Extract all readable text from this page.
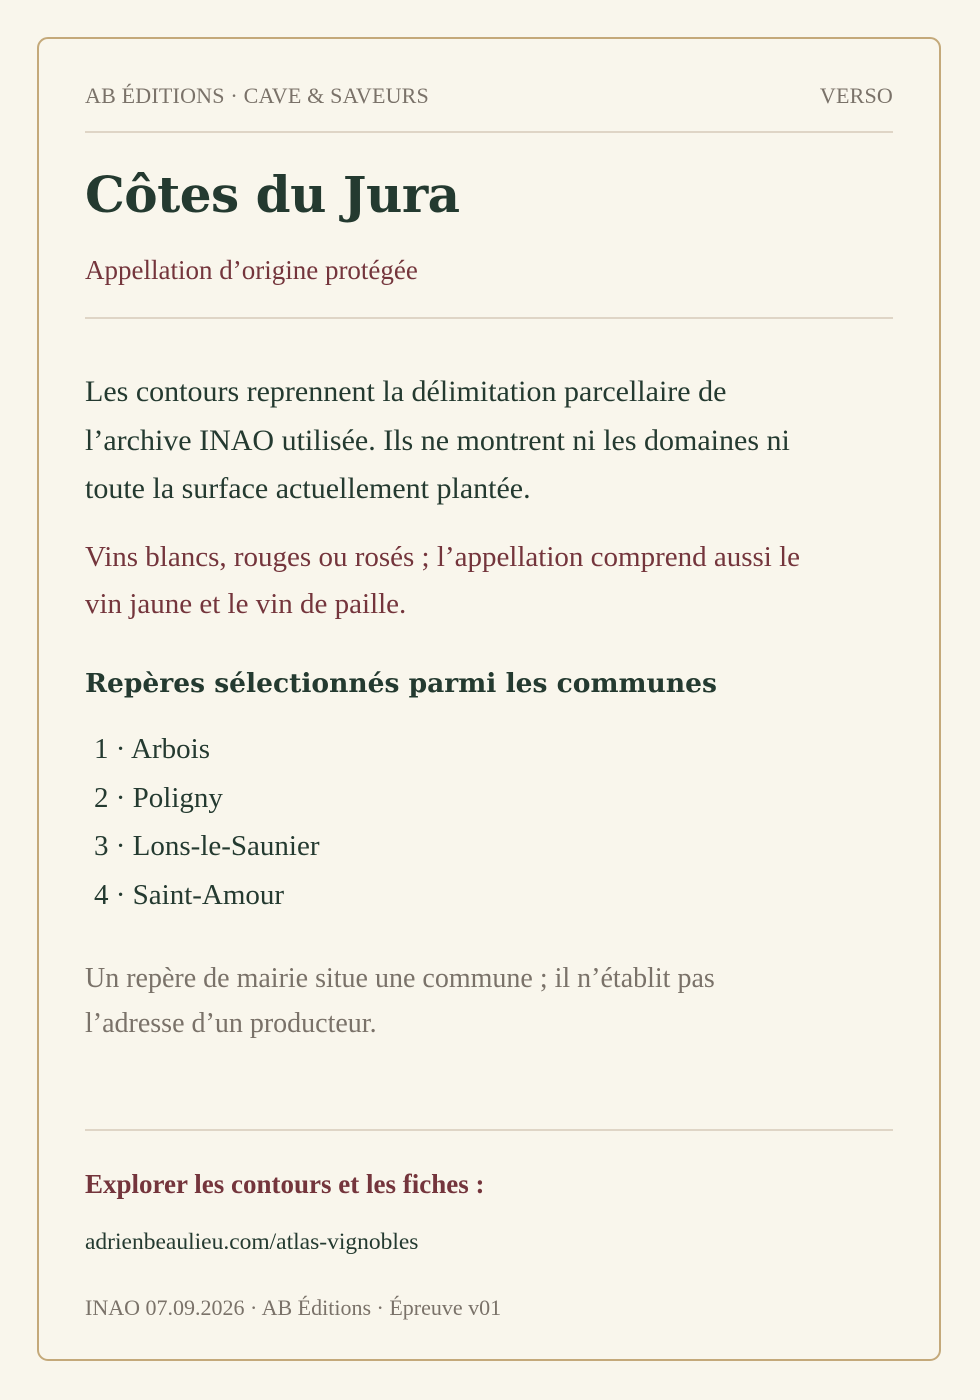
AB ÉDITIONS · CAVE & SAVEURS	VERSO
Côtes du Jura
Appellation d’origine protégée

Les contours reprennent la délimitation parcellaire de l’archive INAO utilisée. Ils ne montrent ni les domaines ni toute la surface actuellement plantée.

Vins blancs, rouges ou rosés ; l’appellation comprend aussi le vin jaune et le vin de paille.

Repères sélectionnés parmi les communes
1 · Arbois
2 · Poligny
3 · Lons-le-Saunier
4 · Saint-Amour

Un repère de mairie situe une commune ; il n’établit pas l’adresse d’un producteur.

Explorer les contours et les fiches :
adrienbeaulieu.com/atlas-vignobles
INAO 07.09.2026 · AB Éditions · Épreuve v01
